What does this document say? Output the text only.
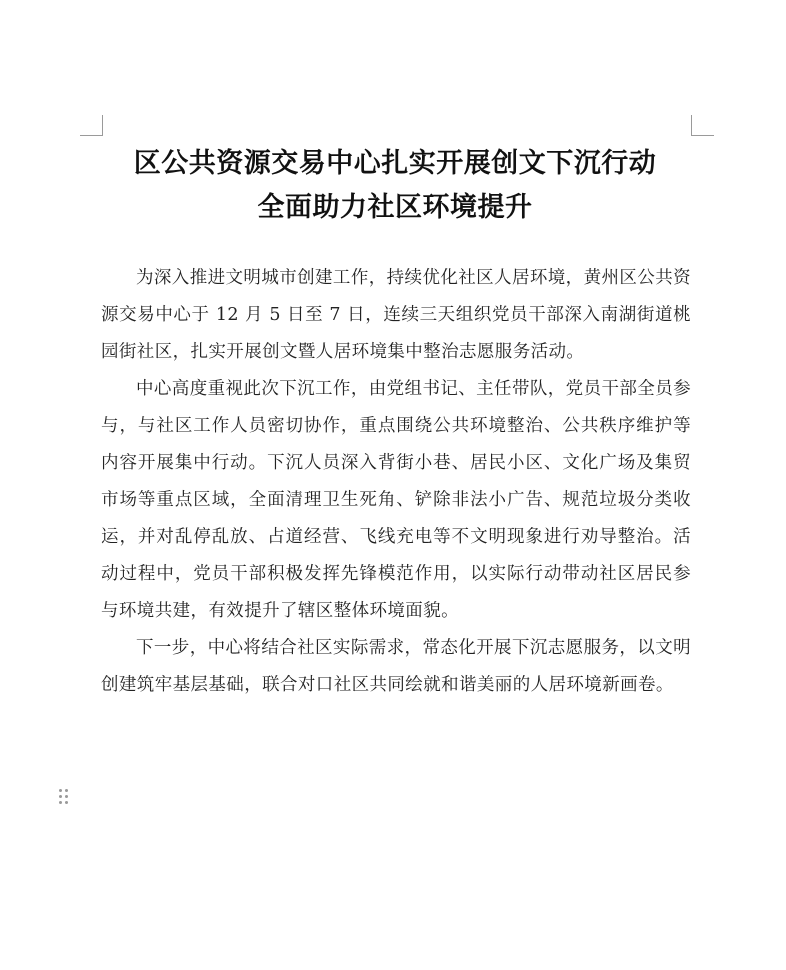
区公共资源交易中心扎实开展创文下沉行动
全面助力社区环境提升

为深入推进文明城市创建工作，持续优化社区人居环境，黄州区公共资源交易中心于 12 月 5 日至 7 日，连续三天组织党员干部深入南湖街道桃园街社区，扎实开展创文暨人居环境集中整治志愿服务活动。

中心高度重视此次下沉工作，由党组书记、主任带队，党员干部全员参与，与社区工作人员密切协作，重点围绕公共环境整治、公共秩序维护等内容开展集中行动。下沉人员深入背街小巷、居民小区、文化广场及集贸市场等重点区域，全面清理卫生死角、铲除非法小广告、规范垃圾分类收运，并对乱停乱放、占道经营、飞线充电等不文明现象进行劝导整治。活动过程中，党员干部积极发挥先锋模范作用，以实际行动带动社区居民参与环境共建，有效提升了辖区整体环境面貌。

下一步，中心将结合社区实际需求，常态化开展下沉志愿服务，以文明创建筑牢基层基础，联合对口社区共同绘就和谐美丽的人居环境新画卷。
